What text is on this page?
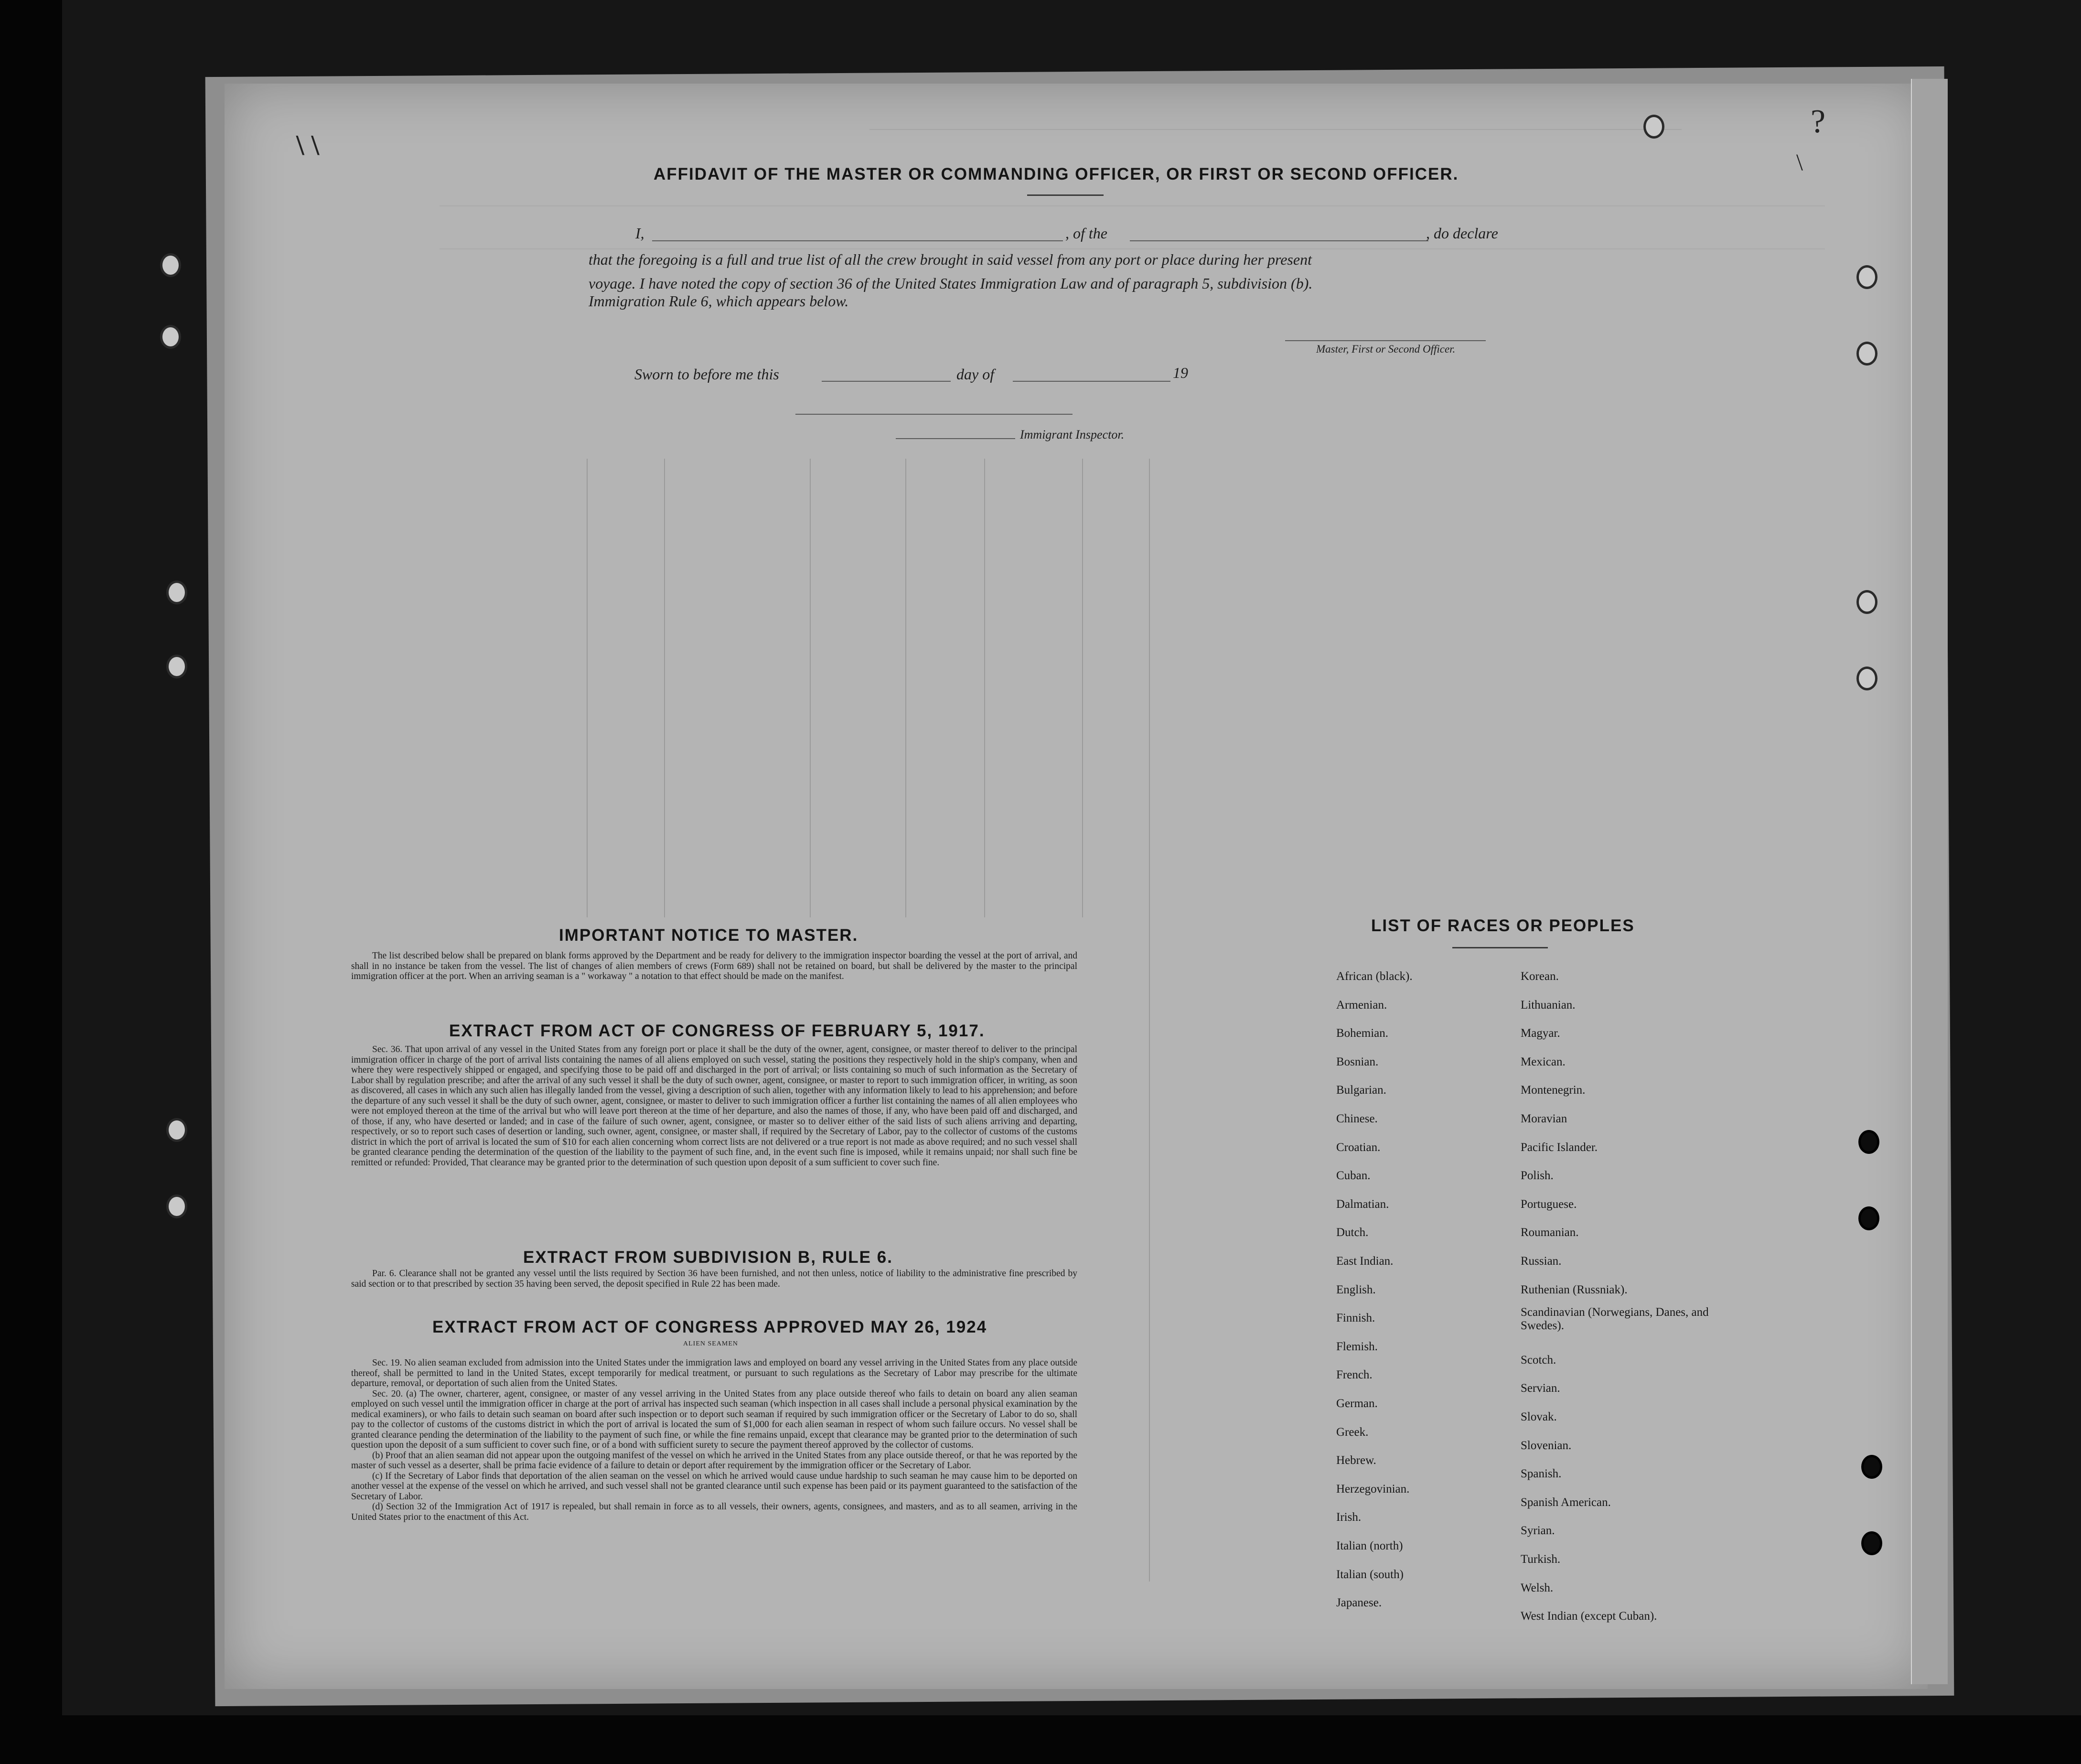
\ \
?
\
AFFIDAVIT OF THE MASTER OR COMMANDING OFFICER, OR FIRST OR SECOND OFFICER.
I,	, of the	, do declare
that the foregoing is a full and true list of all the crew brought in said vessel from any port or place during her present
voyage. I have noted the copy of section 36 of the United States Immigration Law and of paragraph 5, subdivision (b).
Immigration Rule 6, which appears below.
Master, First or Second Officer.
Sworn to before me this	day of	19
Immigrant Inspector.
IMPORTANT NOTICE TO MASTER.

The list described below shall be prepared on blank forms approved by the Department and be ready for delivery to the immigration inspector boarding the vessel at the port of arrival, and shall in no instance be taken from the vessel. The list of changes of alien members of crews (Form 689) shall not be retained on board, but shall be delivered by the master to the principal immigration officer at the port. When an arriving seaman is a " workaway " a notation to that effect should be made on the manifest.

EXTRACT FROM ACT OF CONGRESS OF FEBRUARY 5, 1917.

Sec. 36. That upon arrival of any vessel in the United States from any foreign port or place it shall be the duty of the owner, agent, consignee, or master thereof to deliver to the principal immigration officer in charge of the port of arrival lists containing the names of all aliens employed on such vessel, stating the positions they respectively hold in the ship's company, when and where they were respectively shipped or engaged, and specifying those to be paid off and discharged in the port of arrival; or lists containing so much of such information as the Secretary of Labor shall by regulation prescribe; and after the arrival of any such vessel it shall be the duty of such owner, agent, consignee, or master to report to such immigration officer, in writing, as soon as discovered, all cases in which any such alien has illegally landed from the vessel, giving a description of such alien, together with any information likely to lead to his apprehension; and before the departure of any such vessel it shall be the duty of such owner, agent, consignee, or master to deliver to such immigration officer a further list containing the names of all alien employees who were not employed thereon at the time of the arrival but who will leave port thereon at the time of her departure, and also the names of those, if any, who have been paid off and discharged, and of those, if any, who have deserted or landed; and in case of the failure of such owner, agent, consignee, or master so to deliver either of the said lists of such aliens arriving and departing, respectively, or so to report such cases of desertion or landing, such owner, agent, consignee, or master shall, if required by the Secretary of Labor, pay to the collector of customs of the customs district in which the port of arrival is located the sum of $10 for each alien concerning whom correct lists are not delivered or a true report is not made as above required; and no such vessel shall be granted clearance pending the determination of the question of the liability to the payment of such fine, and, in the event such fine is imposed, while it remains unpaid; nor shall such fine be remitted or refunded: Provided, That clearance may be granted prior to the determination of such question upon deposit of a sum sufficient to cover such fine.

EXTRACT FROM SUBDIVISION B, RULE 6.

Par. 6. Clearance shall not be granted any vessel until the lists required by Section 36 have been furnished, and not then unless, notice of liability to the administrative fine prescribed by said section or to that prescribed by section 35 having been served, the deposit specified in Rule 22 has been made.

EXTRACT FROM ACT OF CONGRESS APPROVED MAY 26, 1924
ALIEN SEAMEN

Sec. 19. No alien seaman excluded from admission into the United States under the immigration laws and employed on board any vessel arriving in the United States from any place outside thereof, shall be permitted to land in the United States, except temporarily for medical treatment, or pursuant to such regulations as the Secretary of Labor may prescribe for the ultimate departure, removal, or deportation of such alien from the United States.

Sec. 20. (a) The owner, charterer, agent, consignee, or master of any vessel arriving in the United States from any place outside thereof who fails to detain on board any alien seaman employed on such vessel until the immigration officer in charge at the port of arrival has inspected such seaman (which inspection in all cases shall include a personal physical examination by the medical examiners), or who fails to detain such seaman on board after such inspection or to deport such seaman if required by such immigration officer or the Secretary of Labor to do so, shall pay to the collector of customs of the customs district in which the port of arrival is located the sum of $1,000 for each alien seaman in respect of whom such failure occurs. No vessel shall be granted clearance pending the determination of the liability to the payment of such fine, or while the fine remains unpaid, except that clearance may be granted prior to the determination of such question upon the deposit of a sum sufficient to cover such fine, or of a bond with sufficient surety to secure the payment thereof approved by the collector of customs.

(b) Proof that an alien seaman did not appear upon the outgoing manifest of the vessel on which he arrived in the United States from any place outside thereof, or that he was reported by the master of such vessel as a deserter, shall be prima facie evidence of a failure to detain or deport after requirement by the immigration officer or the Secretary of Labor.

(c) If the Secretary of Labor finds that deportation of the alien seaman on the vessel on which he arrived would cause undue hardship to such seaman he may cause him to be deported on another vessel at the expense of the vessel on which he arrived, and such vessel shall not be granted clearance until such expense has been paid or its payment guaranteed to the satisfaction of the Secretary of Labor.

(d) Section 32 of the Immigration Act of 1917 is repealed, but shall remain in force as to all vessels, their owners, agents, consignees, and masters, and as to all seamen, arriving in the United States prior to the enactment of this Act.

LIST OF RACES OR PEOPLES
African (black).
Armenian.
Bohemian.
Bosnian.
Bulgarian.
Chinese.
Croatian.
Cuban.
Dalmatian.
Dutch.
East Indian.
English.
Finnish.
Flemish.
French.
German.
Greek.
Hebrew.
Herzegovinian.
Irish.
Italian (north)
Italian (south)
Japanese.
Korean.
Lithuanian.
Magyar.
Mexican.
Montenegrin.
Moravian
Pacific Islander.
Polish.
Portuguese.
Roumanian.
Russian.
Ruthenian (Russniak).
Scandinavian (Norwegians, Danes, and Swedes).
Scotch.
Servian.
Slovak.
Slovenian.
Spanish.
Spanish American.
Syrian.
Turkish.
Welsh.
West Indian (except Cuban).
